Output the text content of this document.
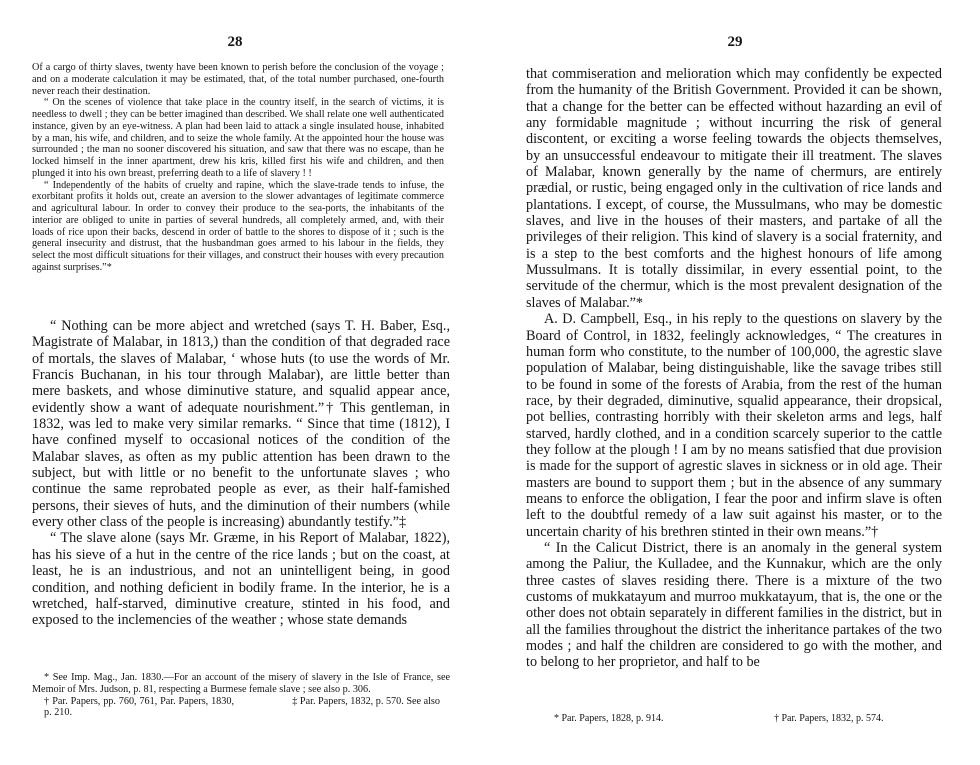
28

Of a cargo of thirty slaves, twenty have been known to perish before the conclusion of the voyage ; and on a moderate calculation it may be estimated, that, of the total number purchased, one-fourth never reach their destination.

“ On the scenes of violence that take place in the country itself, in the search of victims, it is needless to dwell ; they can be better imagined than described. We shall relate one well authenticated instance, given by an eye-witness. A plan had been laid to attack a single insulated house, inhabited by a man, his wife, and children, and to seize the whole family. At the appointed hour the house was surrounded ; the man no sooner discovered his situation, and saw that there was no escape, than he locked himself in the inner apartment, drew his kris, killed first his wife and children, and then plunged it into his own breast, preferring death to a life of slavery ! !

“ Independently of the habits of cruelty and rapine, which the slave-trade tends to infuse, the exorbitant profits it holds out, create an aversion to the slower advantages of legitimate commerce and agricultural labour. In order to convey their produce to the sea-ports, the inhabitants of the interior are obliged to unite in parties of several hundreds, all completely armed, and, with their loads of rice upon their backs, descend in order of battle to the shores to dispose of it ; such is the general insecurity and distrust, that the husbandman goes armed to his labour in the fields, they select the most difficult situations for their villages, and construct their houses with every precaution against surprises.”*

“ Nothing can be more abject and wretched (says T. H. Baber, Esq., Magistrate of Malabar, in 1813,) than the condition of that degraded race of mortals, the slaves of Malabar, ‘ whose huts (to use the words of Mr. Francis Buchanan, in his tour through Malabar), are little better than mere baskets, and whose diminutive stature, and squalid appear ance, evidently show a want of adequate nourishment.”† This gentleman, in 1832, was led to make very similar remarks. “ Since that time (1812), I have confined myself to occasional notices of the condition of the Malabar slaves, as often as my public attention has been drawn to the subject, but with little or no benefit to the unfortunate slaves ; who continue the same reprobated people as ever, as their half-famished persons, their sieves of huts, and the diminution of their numbers (while every other class of the people is increasing) abundantly testify.”‡

“ The slave alone (says Mr. Græme, in his Report of Malabar, 1822), has his sieve of a hut in the centre of the rice lands ; but on the coast, at least, he is an industrious, and not an unintelligent being, in good condition, and nothing deficient in bodily frame. In the interior, he is a wretched, half-starved, diminutive creature, stinted in his food, and exposed to the inclemencies of the weather ; whose state demands

* See Imp. Mag., Jan. 1830.—For an account of the misery of slavery in the Isle of France, see Memoir of Mrs. Judson, p. 81, respecting a Burmese female slave ; see also p. 306.

† Par. Papers, pp. 760, 761, Par. Papers, 1830, p. 210.
‡ Par. Papers, 1832, p. 570. See also
29

that commiseration and melioration which may confidently be expected from the humanity of the British Government. Provided it can be shown, that a change for the better can be effected without hazarding an evil of any formidable magnitude ; without incurring the risk of general discontent, or exciting a worse feeling towards the objects themselves, by an unsuccessful endeavour to mitigate their ill treatment. The slaves of Malabar, known generally by the name of chermurs, are entirely prædial, or rustic, being engaged only in the cultivation of rice lands and plantations. I except, of course, the Mussulmans, who may be domestic slaves, and live in the houses of their masters, and partake of all the privileges of their religion. This kind of slavery is a social fraternity, and is a step to the best comforts and the highest honours of life among Mussulmans. It is totally dissimilar, in every essential point, to the servitude of the chermur, which is the most prevalent designation of the slaves of Malabar.”*

A. D. Campbell, Esq., in his reply to the questions on slavery by the Board of Control, in 1832, feelingly acknowledges, “ The creatures in human form who constitute, to the number of 100,000, the agrestic slave population of Malabar, being distinguishable, like the savage tribes still to be found in some of the forests of Arabia, from the rest of the human race, by their degraded, diminutive, squalid appearance, their dropsical, pot bellies, contrasting horribly with their skeleton arms and legs, half starved, hardly clothed, and in a condition scarcely superior to the cattle they follow at the plough ! I am by no means satisfied that due provision is made for the support of agrestic slaves in sickness or in old age. Their masters are bound to support them ; but in the absence of any summary means to enforce the obligation, I fear the poor and infirm slave is often left to the doubtful remedy of a law suit against his master, or to the uncertain charity of his brethren stinted in their own means.”†

“ In the Calicut District, there is an anomaly in the general system among the Paliur, the Kulladee, and the Kunnakur, which are the only three castes of slaves residing there. There is a mixture of the two customs of mukkatayum and murroo mukkatayum, that is, the one or the other does not obtain separately in different families in the district, but in all the families throughout the district the inheritance partakes of the two modes ; and half the children are considered to go with the mother, and to belong to her proprietor, and half to be

* Par. Papers, 1828, p. 914.	† Par. Papers, 1832, p. 574.
